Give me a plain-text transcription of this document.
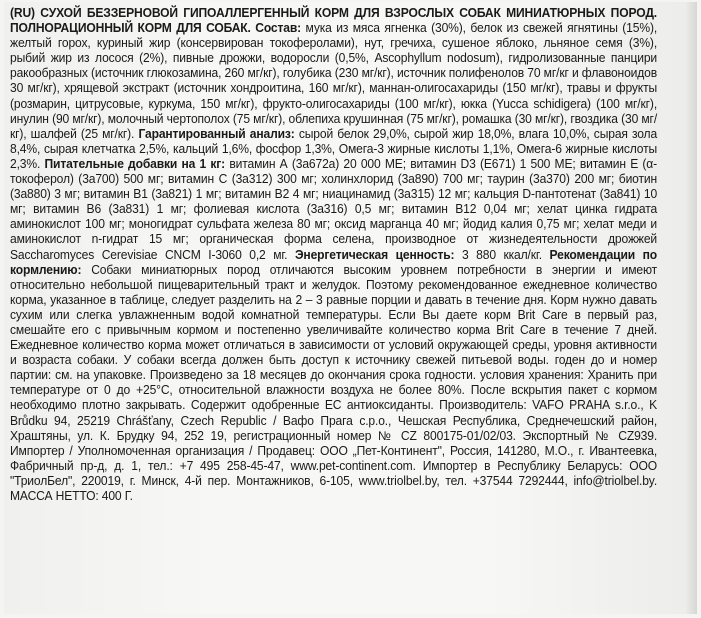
(RU) СУХОЙ БЕЗЗЕРНОВОЙ ГИПОАЛЛЕРГЕННЫЙ КОРМ ДЛЯ ВЗРОСЛЫХ СОБАК МИНИАТЮРНЫХ ПОРОД. ПОЛНОРАЦИОННЫЙ КОРМ ДЛЯ СОБАК. Состав: мука из мяса ягненка (30%), белок из свежей ягнятины (15%), желтый горох, куриный жир (консервирован токоферолами), нут, гречиха, сушеное яблоко, льняное семя (3%), рыбий жир из лосося (2%), пивные дрожжи, водоросли (0,5%, Ascophyllum nodosum), гидролизованные панцири ракообразных (источник глюкозамина, 260 мг/кг), голубика (230 мг/кг), источник полифенолов 70 мг/кг и флавоноидов 30 мг/кг), хрящевой экстракт (источник хондроитина, 160 мг/кг), маннан-олигосахариды (150 мг/кг), травы и фрукты (розмарин, цитрусовые, куркума, 150 мг/кг), фрукто-олигосахариды (100 мг/кг), юкка (Yucca schidigera) (100 мг/кг), инулин (90 мг/кг), молочный чертополох (75 мг/кг), облепиха крушинная (75 мг/кг), ромашка (30 мг/кг), гвоздика (30 мг/кг), шалфей (25 мг/кг). Гарантированный анализ: сырой белок 29,0%, сырой жир 18,0%, влага 10,0%, сырая зола 8,4%, сырая клетчатка 2,5%, кальций 1,6%, фосфор 1,3%, Омега-3 жирные кислоты 1,1%, Омега-6 жирные кислоты 2,3%. Питательные добавки на 1 кг: витамин А (3a672a) 20 000 МЕ; витамин D3 (E671) 1 500 МЕ; витамин Е (α-токоферол) (3a700) 500 мг; витамин С (3a312) 300 мг; холинхлорид (3a890) 700 мг; таурин (3a370) 200 мг; биотин (3a880) 3 мг; витамин В1 (3a821) 1 мг; витамин В2 4 мг; ниацинамид (3a315) 12 мг; кальция D-пантотенат (3a841) 10 мг; витамин В6 (3a831) 1 мг; фолиевая кислота (3a316) 0,5 мг; витамин В12 0,04 мг; хелат цинка гидрата аминокислот 100 мг; моногидрат сульфата железа 80 мг; оксид марганца 40 мг; йодид калия 0,75 мг; хелат меди и аминокислот n-гидрат 15 мг; органическая форма селена, производное от жизнедеятельности дрожжей Saccharomyces Cerevisiae CNCM I-3060 0,2 мг. Энергетическая ценность: 3 880 ккал/кг. Рекомендации по кормлению: Собаки миниатюрных пород отличаются высоким уровнем потребности в энергии и имеют относительно небольшой пищеварительный тракт и желудок. Поэтому рекомендованное ежедневное количество корма, указанное в таблице, следует разделить на 2 – 3 равные порции и давать в течение дня. Корм нужно давать сухим или слегка увлажненным водой комнатной температуры. Если Вы даете корм Brit Care в первый раз, смешайте его с привычным кормом и постепенно увеличивайте количество корма Brit Care в течение 7 дней. Ежедневное количество корма может отличаться в зависимости от условий окружающей среды, уровня активности и возраста собаки. У собаки всегда должен быть доступ к источнику свежей питьевой воды. годен до и номер партии: см. на упаковке. Произведено за 18 месяцев до окончания срока годности. условия хранения: Хранить при температуре от 0 до +25°С, относительной влажности воздуха не более 80%. После вскрытия пакет с кормом необходимо плотно закрывать. Содержит одобренные ЕС антиоксиданты. Производитель: VAFO PRAHA s.r.o., K Brůdku 94, 25219 Chrášťany, Czech Republic / Вафо Прага с.р.о., Чешская Республика, Среднечешский район, Храштяны, ул. К. Брудку 94, 252 19, регистрационный номер № CZ 800175-01/02/03. Экспортный № CZ939. Импортер / Уполномоченная организация / Продавец: ООО „Пет-Континент", Россия, 141280, М.О., г. Ивантеевка, Фабричный пр-д, д. 1, тел.: +7 495 258-45-47, www.pet-continent.com. Импортер в Республику Беларусь: ООО "ТриолБел", 220019, г. Минск, 4-й пер. Монтажников, 6-105, www.triolbel.by, тел. +37544 7292444, info@triolbel.by. МАССА НЕТТО: 400 Г.
